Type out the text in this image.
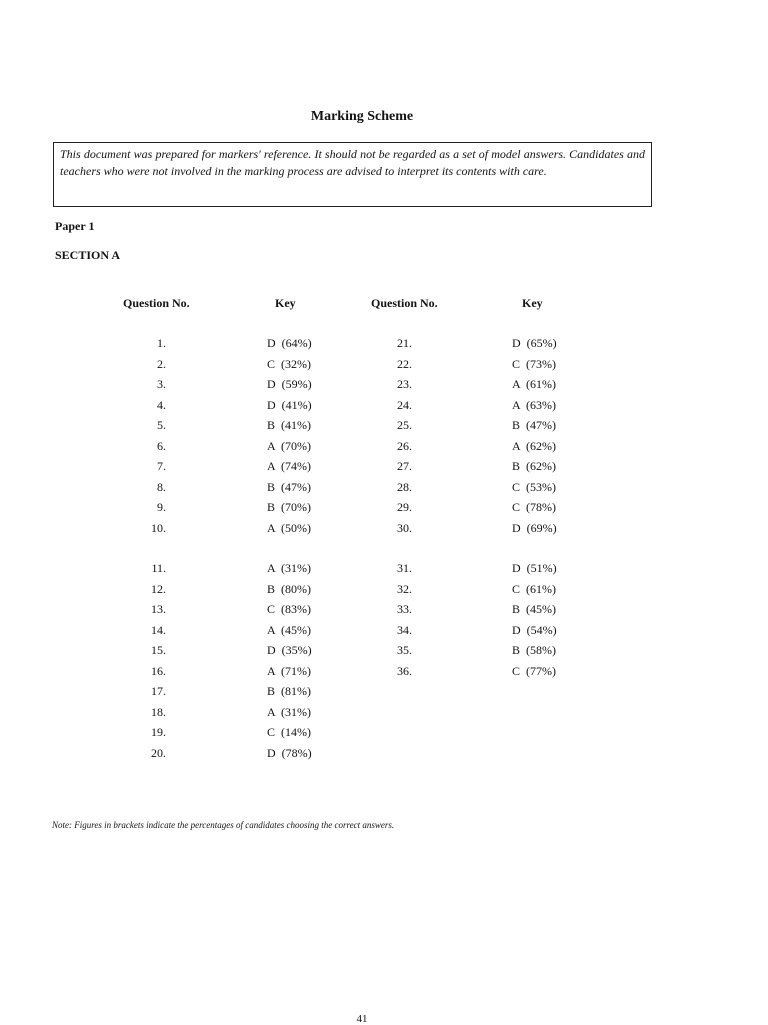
Marking Scheme
This document was prepared for markers' reference. It should not be regarded as a set of model answers. Candidates and teachers who were not involved in the marking process are advised to interpret its contents with care.
Paper 1
SECTION A
Question No.	Key	Question No.	Key
1.	D  (64%)	21.	D  (65%)
2.	C  (32%)	22.	C  (73%)
3.	D  (59%)	23.	A  (61%)
4.	D  (41%)	24.	A  (63%)
5.	B  (41%)	25.	B  (47%)
6.	A  (70%)	26.	A  (62%)
7.	A  (74%)	27.	B  (62%)
8.	B  (47%)	28.	C  (53%)
9.	B  (70%)	29.	C  (78%)
10.	A  (50%)	30.	D  (69%)
11.	A  (31%)	31.	D  (51%)
12.	B  (80%)	32.	C  (61%)
13.	C  (83%)	33.	B  (45%)
14.	A  (45%)	34.	D  (54%)
15.	D  (35%)	35.	B  (58%)
16.	A  (71%)	36.	C  (77%)
17.	B  (81%)
18.	A  (31%)
19.	C  (14%)
20.	D  (78%)
Note: Figures in brackets indicate the percentages of candidates choosing the correct answers.
41
